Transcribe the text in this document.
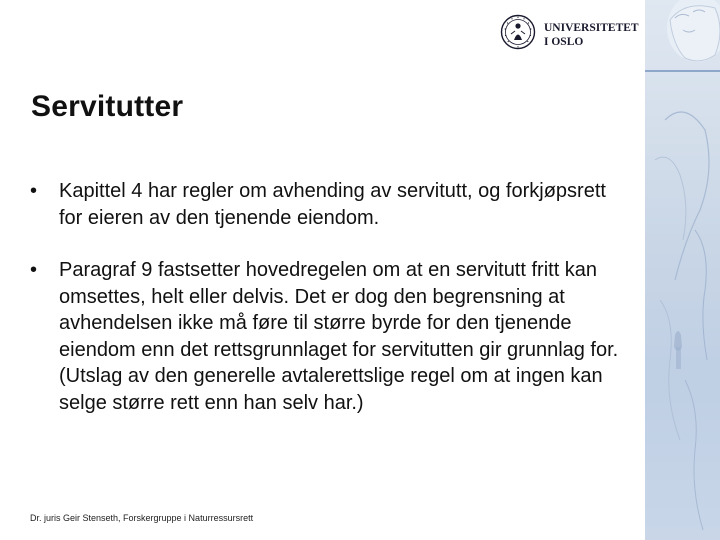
UNIVERSITETET
I OSLO
Servitutter
• Kapittel 4 har regler om avhending av servitutt, og forkjøpsrett for eieren av den tjenende eiendom.
• Paragraf 9 fastsetter hovedregelen om at en servitutt fritt kan omsettes, helt eller delvis. Det er dog den begrensning at avhendelsen ikke må føre til større byrde for den tjenende eiendom enn det rettsgrunnlaget for servitutten gir grunnlag for. (Utslag av den generelle avtalerettslige regel om at ingen kan selge større rett enn han selv har.)
Dr. juris Geir Stenseth, Forskergruppe i Naturressursrett
